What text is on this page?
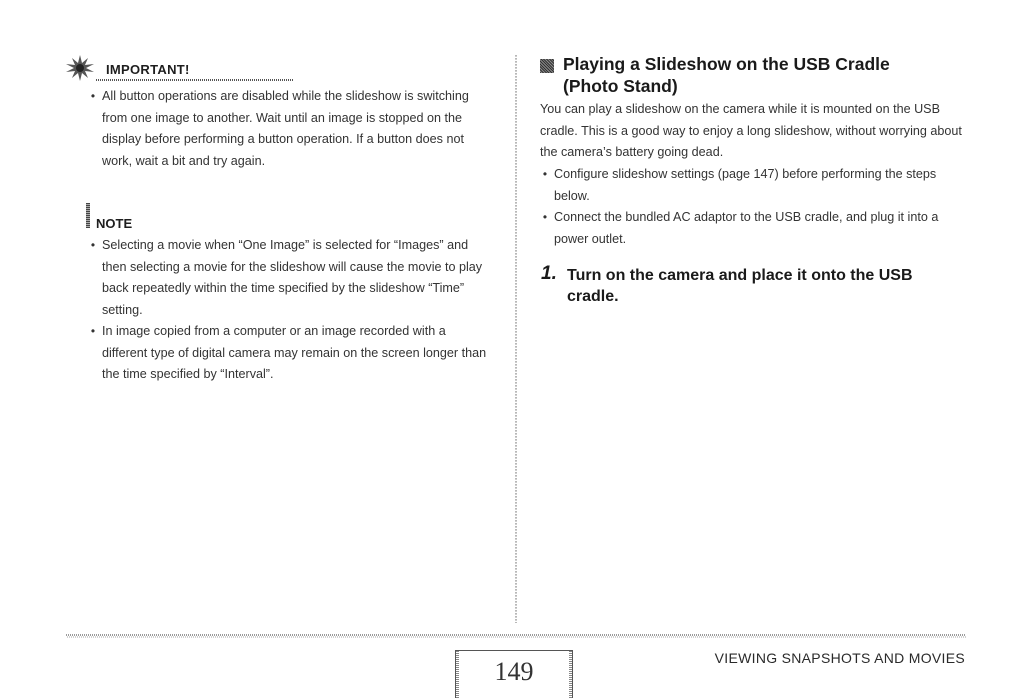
IMPORTANT!
• All button operations are disabled while the slideshow is switching from one image to another. Wait until an image is stopped on the display before performing a button operation. If a button does not work, wait a bit and try again.
NOTE
• Selecting a movie when “One Image” is selected for “Images” and then selecting a movie for the slideshow will cause the movie to play back repeatedly within the time specified by the slideshow “Time” setting.
• In image copied from a computer or an image recorded with a different type of digital camera may remain on the screen longer than the time specified by “Interval”.
Playing a Slideshow on the USB Cradle
(Photo Stand)
You can play a slideshow on the camera while it is mounted on the USB cradle. This is a good way to enjoy a long slideshow, without worrying about the camera’s battery going dead.
• Configure slideshow settings (page 147) before performing the steps below.
• Connect the bundled AC adaptor to the USB cradle, and plug it into a power outlet.
1. Turn on the camera and place it onto the USB cradle.
149	VIEWING SNAPSHOTS AND MOVIES
